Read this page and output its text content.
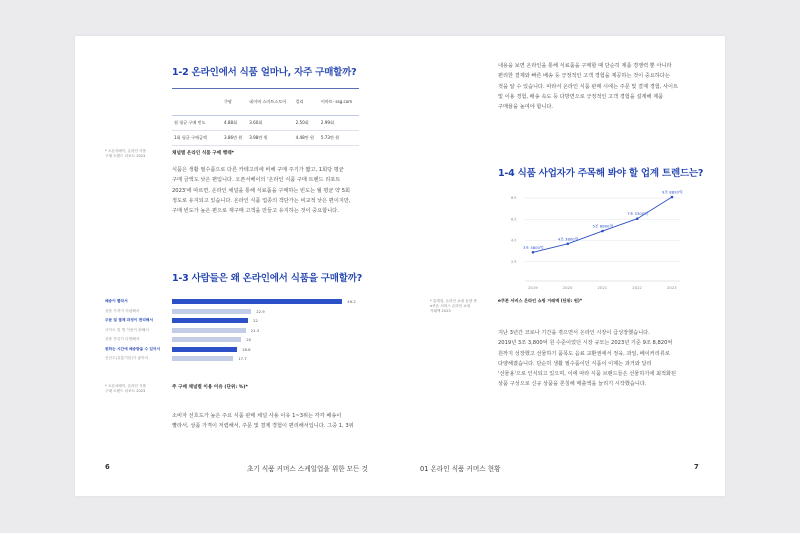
1-2 온라인에서 식품 얼마나, 자주 구매할까?
* 오픈서베이, 온라인 식품
구매 트렌드 리포트 2023
	쿠팡	네이버 스마트스토어	컬리	이마트· ssg.com
월 평균 구매 빈도	4.88회	3.60회	2.50회	2.99회
1회 평균 구매금액	3.86만 원	3.98만 원	4.48만 원	5.73만 원
채널별 온라인 식품 구매 행태*
식품은 생활 필수품으로 다른 카테고리에 비해 구매 주기가 짧고, 1회당 평균
구매 금액도 낮은 편입니다. 오픈서베이의 '온라인 식품 구매 트렌드 리포트
2023'에 따르면, 온라인 채널을 통해 식료품을 구매하는 빈도는 월 평균 약 5회
정도로 유지되고 있습니다. 온라인 식품 업종의 객단가는 비교적 낮은 편이지만,
구매 빈도가 높은 편으로 재구매 고객을 만들고 유지하는 것이 중요합니다.
1-3 사람들은 왜 온라인에서 식품을 구매할까?
배송이 빨라서	49.2
상품 가격이 저렴해서	22.9
주문 및 결제 과정이 편리해서	22
사이트 및 앱 이용이 편해서	21.3
상품 종류가 다양해서	20
원하는 시간에 배송받을 수 있어서	18.8
신선도(유통기한)가 좋아서	17.7
* 오픈서베이, 온라인 식품
구매 트렌드 리포트 2023
주 구매 채널별 이용 이유 (단위: %)*
소비자 선호도가 높은 주요 식품 판매 채널 사용 이유 1~3위는 각각 배송이
빨라서, 상품 가격이 저렴해서, 주문 및 결제 경험이 편리해서입니다. 그중 1, 3위
6	초기 식품 커머스 스케일업을 위한 모든 것
내용을 보면 온라인을 통해 식료품을 구매할 때 단순히 제품 경쟁력 뿐 아니라
편리한 결제와 빠른 배송 등 긍정적인 고객 경험을 제공하는 것이 중요하다는
것을 알 수 있습니다. 따라서 온라인 식품 판매 시에는 주문 및 결제 경험, 사이트
및 이용 경험, 배송 속도 등 다방면으로 긍정적인 고객 경험을 설계해 제품
구매율을 높여야 합니다.
1-4 식품 사업자가 주목해 봐야 할 업계 트렌드는?
8조
6조
4조
2조
3조 3800억
2019
4조 3800억
2020
5조 8800억
2021
7조 3300억
2022
9조 8820억
2023
* 통계청, 온라인 쇼핑 동향 중
e쿠폰 서비스 온라인 쇼핑
거래액 2023
e쿠폰 서비스 온라인 쇼핑 거래액 (단위: 원)*
지난 3년간 코로나 기간을 겪으면서 온라인 시장이 급성장했습니다.
2019년 3조 3,800억 원 수준이었던 시장 규모는 2023년 기준 9조 8,820억
원까지 성장했고 선물하기 품목도 음료 교환권에서 정육, 과일, 베이커리류로
다양해졌습니다. 단순히 생활 필수품이던 식품이 이제는 과거와 달리
'선물용'으로 인식되고 있으며, 이에 따라 식품 브랜드들은 선물하기에 최적화된
상품 구성으로 신규 상품을 론칭해 매출액을 늘리기 시작했습니다.
01 온라인 식품 커머스 현황	7
